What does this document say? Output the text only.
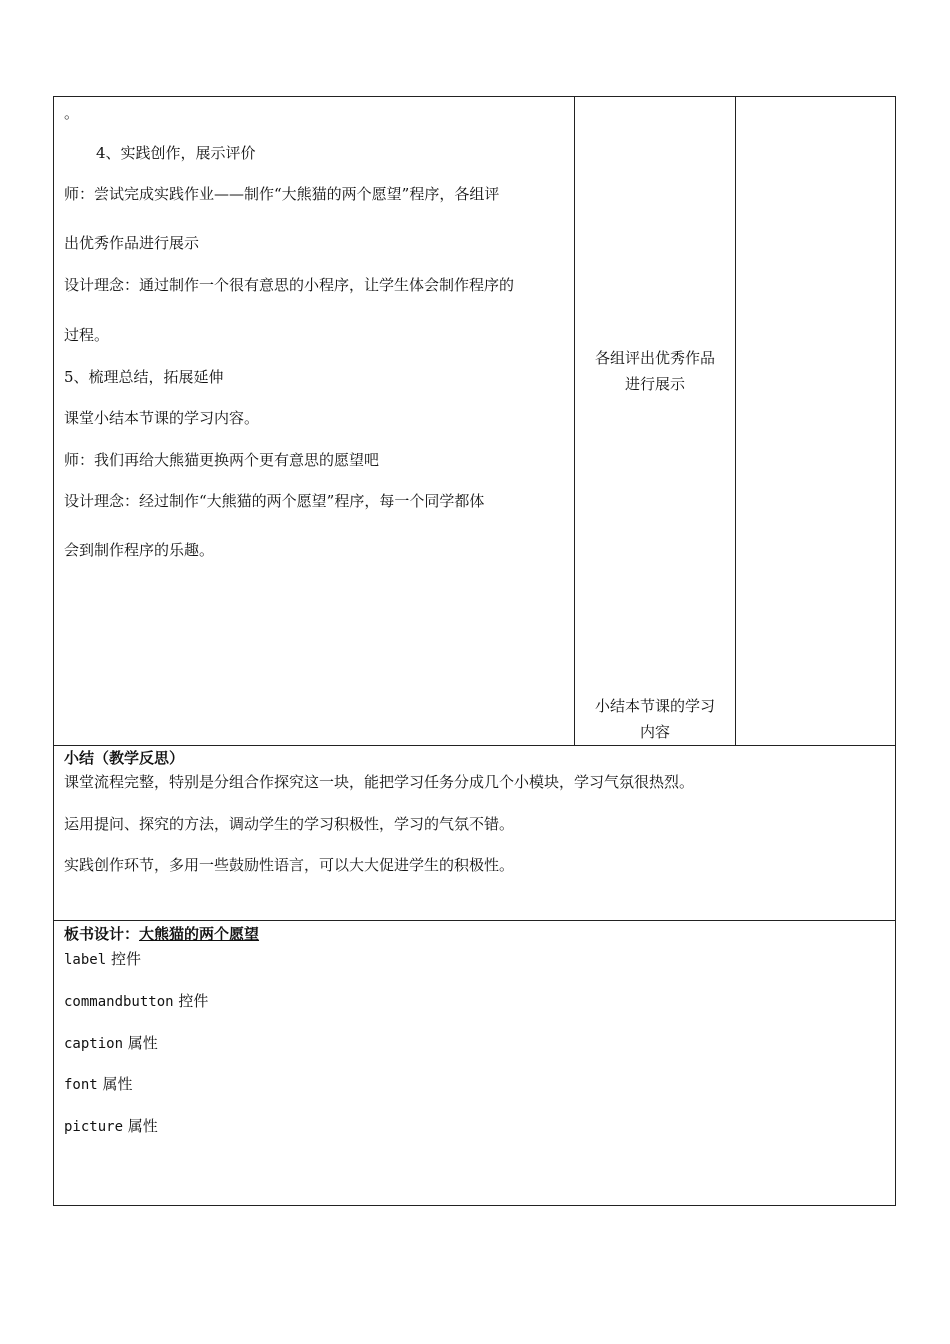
。
4、实践创作，展示评价
师：尝试完成实践作业——制作“大熊猫的两个愿望”程序，各组评
出优秀作品进行展示
设计理念：通过制作一个很有意思的小程序，让学生体会制作程序的
过程。
5、梳理总结，拓展延伸
课堂小结本节课的学习内容。
师：我们再给大熊猫更换两个更有意思的愿望吧
设计理念：经过制作“大熊猫的两个愿望”程序，每一个同学都体
会到制作程序的乐趣。
各组评出优秀作品
进行展示
小结本节课的学习
内容
小结（教学反思）
课堂流程完整，特别是分组合作探究这一块，能把学习任务分成几个小模块，学习气氛很热烈。
运用提问、探究的方法，调动学生的学习积极性，学习的气氛不错。
实践创作环节，多用一些鼓励性语言，可以大大促进学生的积极性。
板书设计：大熊猫的两个愿望
label 控件
commandbutton 控件
caption 属性
font 属性
picture 属性
